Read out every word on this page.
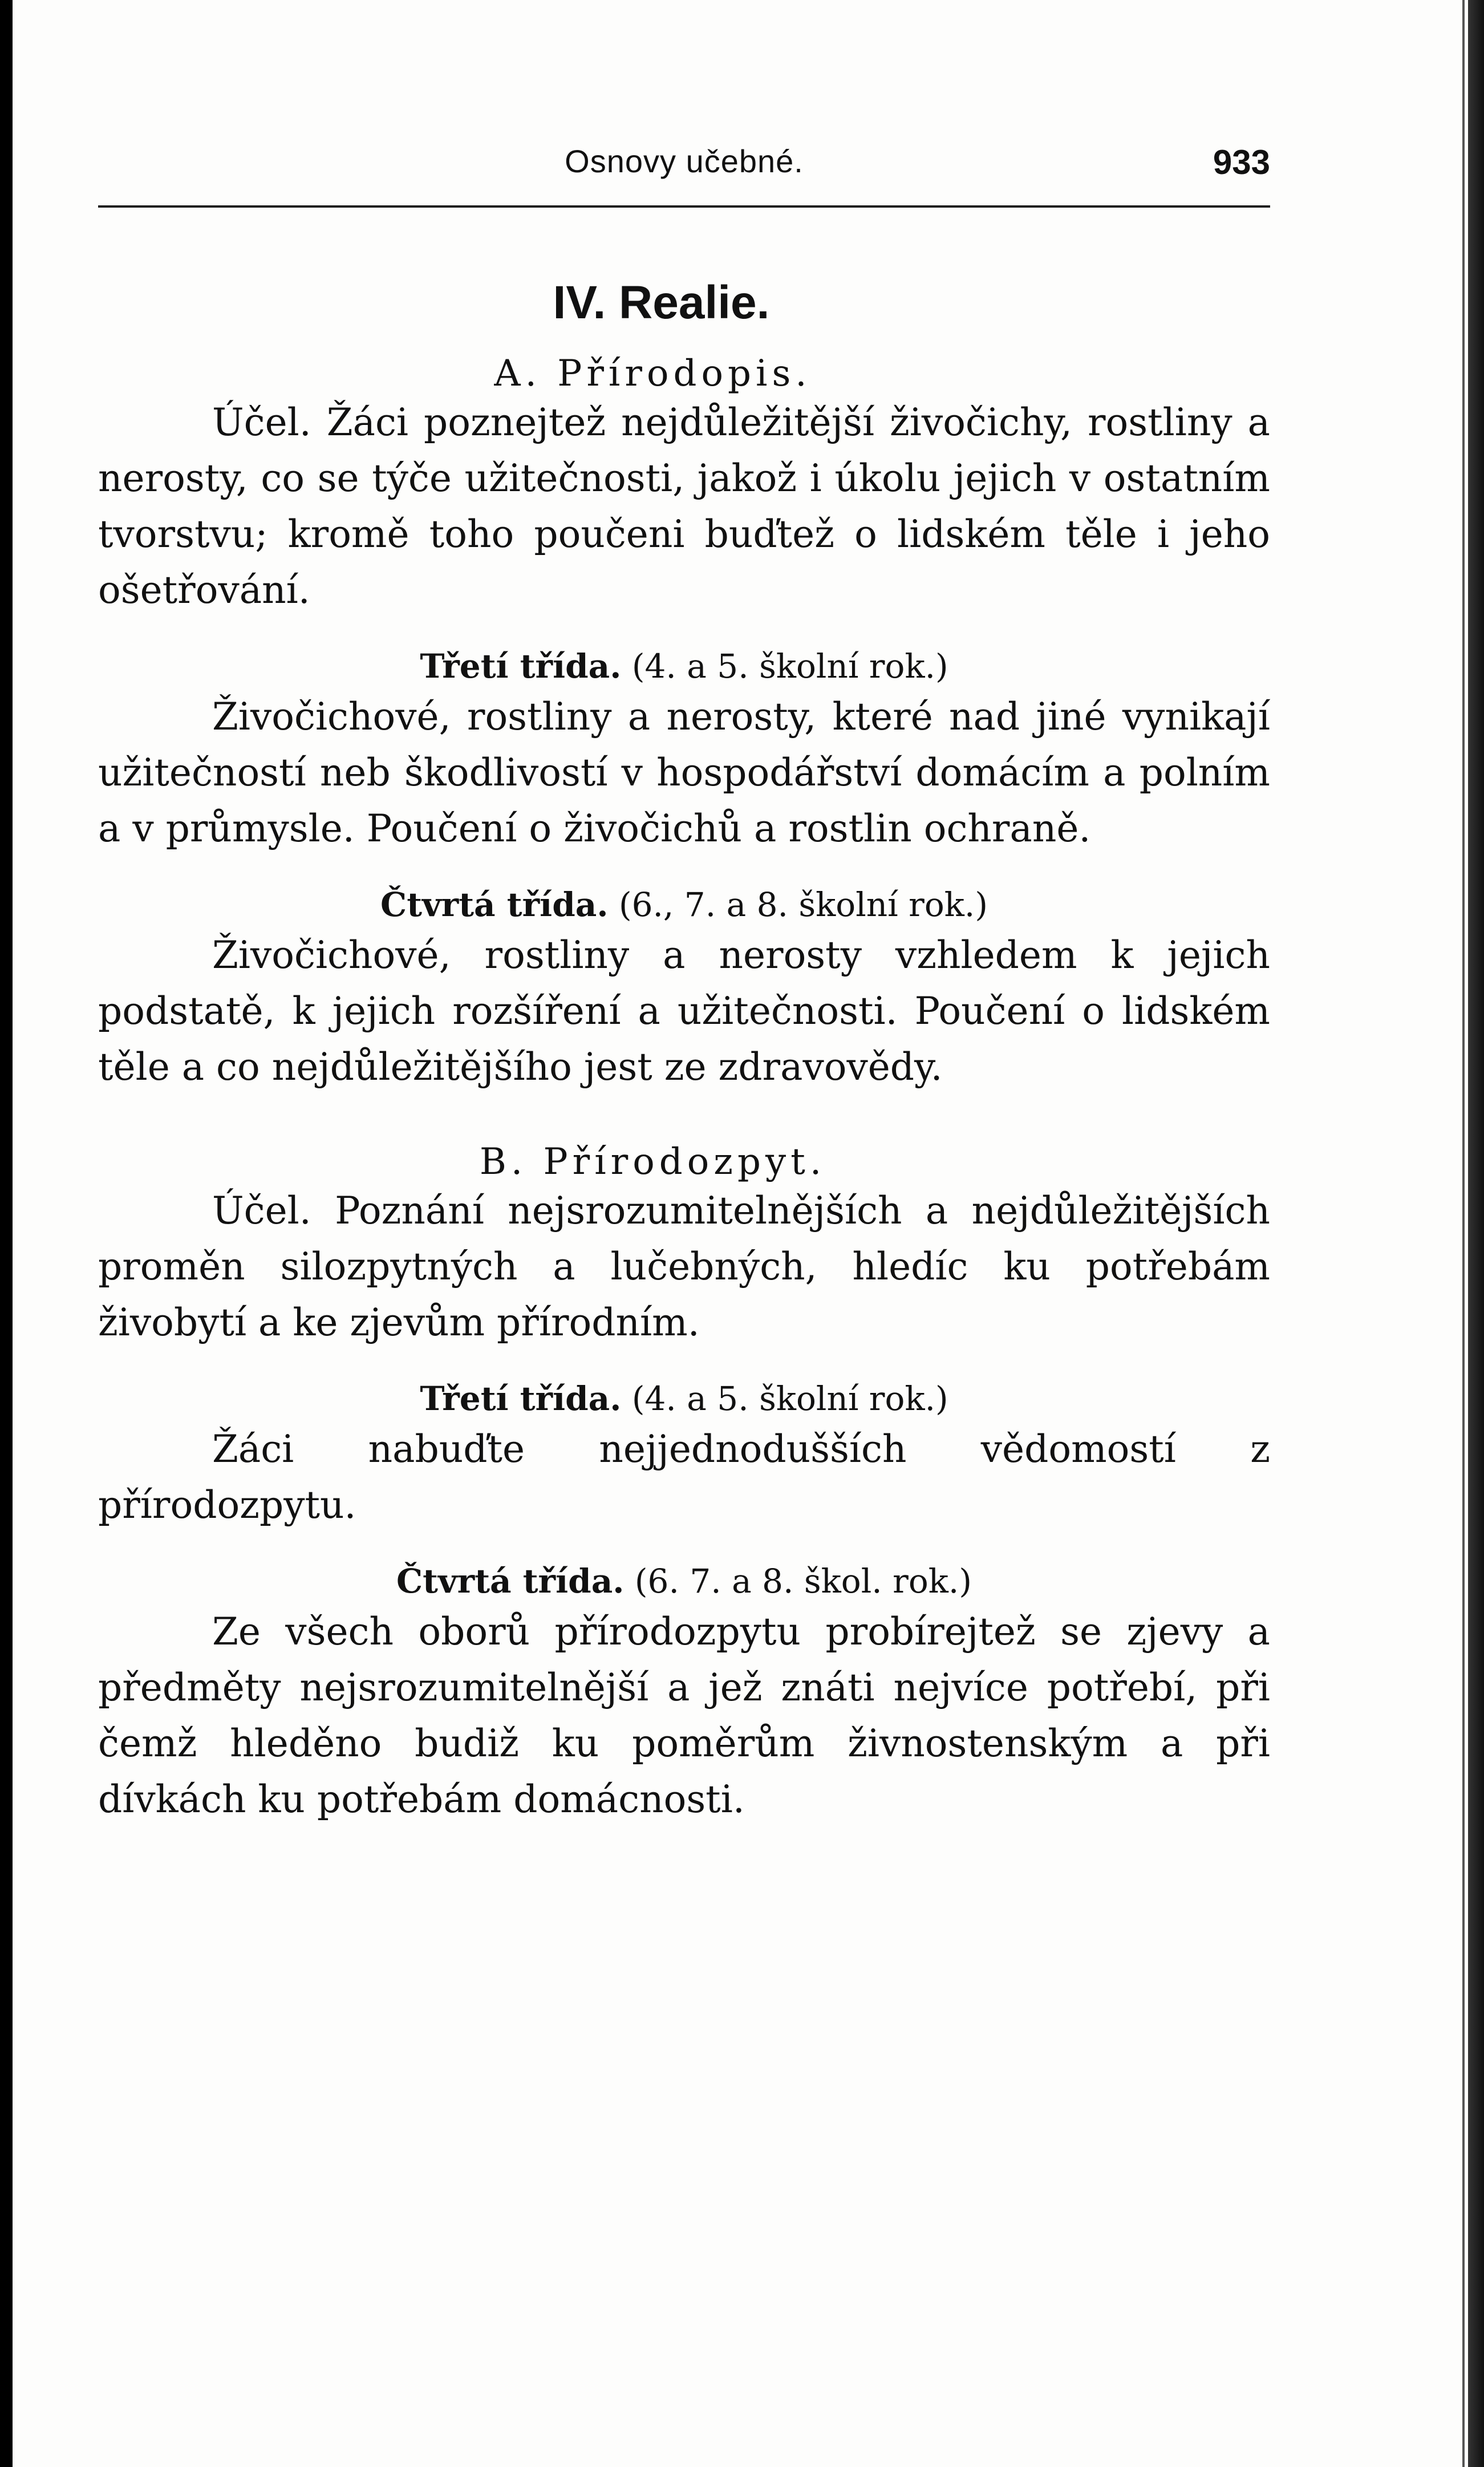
Osnovy učebné.	933
IV. Realie.
A. Přírodopis.

Účel. Žáci poznejtež nejdůležitější živočichy, rostliny a nerosty, co se týče užitečnosti, jakož i úkolu jejich v ostatním tvorstvu; kromě toho poučeni buďtež o lidském těle i jeho ošetřování.

Třetí třída. (4. a 5. školní rok.)

Živočichové, rostliny a nerosty, které nad jiné vynikají užitečností neb škodlivostí v hospodářství domácím a polním a v průmysle. Poučení o živočichů a rostlin ochraně.

Čtvrtá třída. (6., 7. a 8. školní rok.)

Živočichové, rostliny a nerosty vzhledem k jejich podstatě, k jejich rozšíření a užitečnosti. Poučení o lidském těle a co nejdůležitějšího jest ze zdravovědy.

B. Přírodozpyt.

Účel. Poznání nejsrozumitelnějších a nejdůležitějších proměn silozpytných a lučebných, hledíc ku potřebám živobytí a ke zjevům přírodním.

Třetí třída. (4. a 5. školní rok.)

Žáci nabuďte nejjednodušších vědomostí z přírodozpytu.

Čtvrtá třída. (6. 7. a 8. škol. rok.)

Ze všech oborů přírodozpytu probírejtež se zjevy a předměty nejsrozumitelnější a jež znáti nejvíce potřebí, při čemž hleděno budiž ku poměrům živnostenským a při dívkách ku potřebám domácnosti.
